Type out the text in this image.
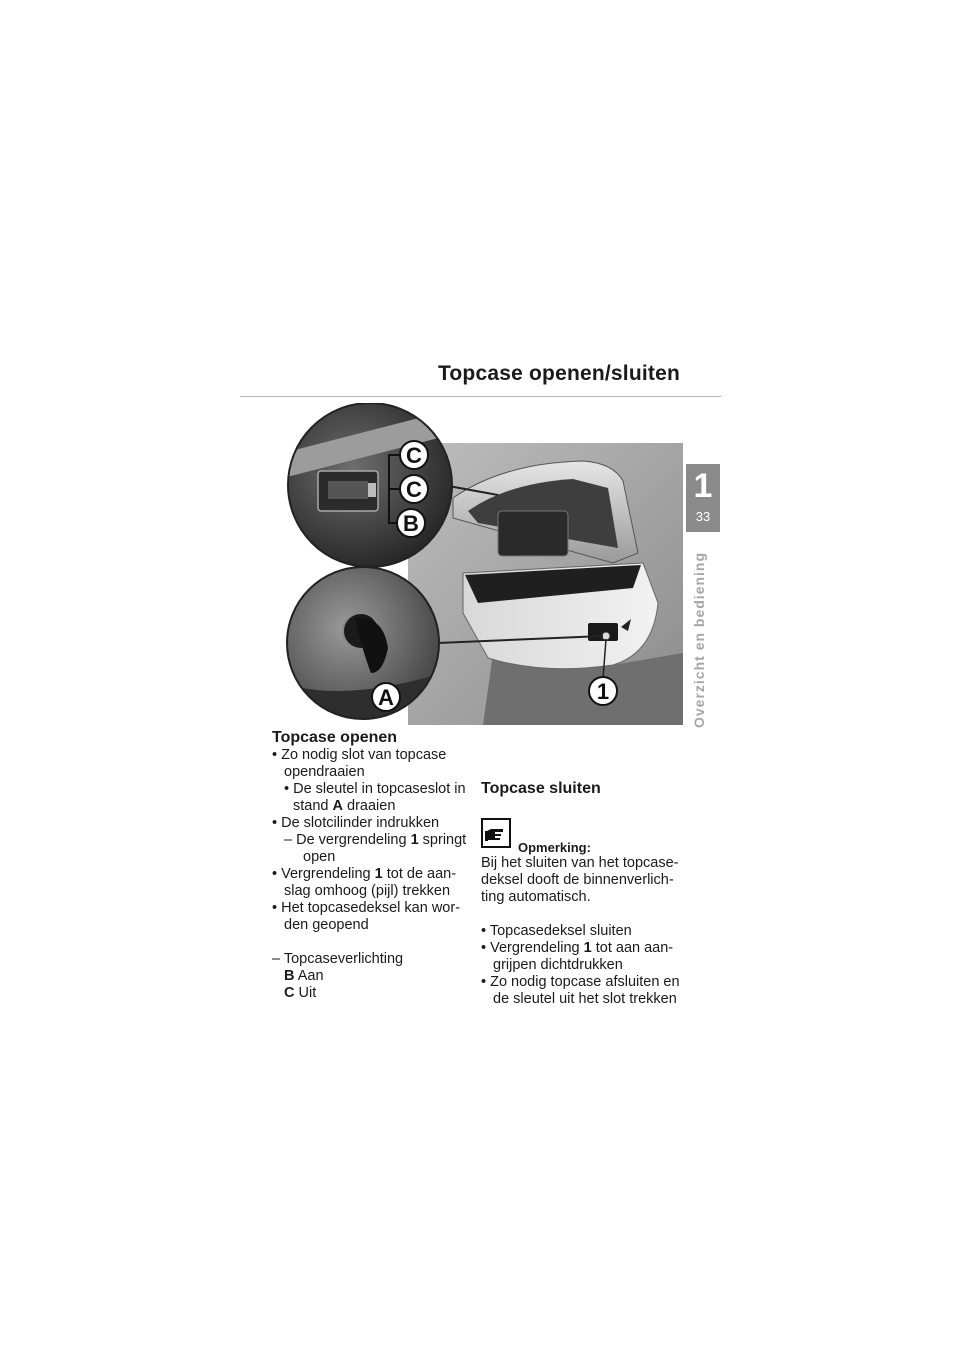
Topcase openen/sluiten
1
33
Overzicht en bediening
C
C
B
A	1

Topcase openen

• Zo nodig slot van topcase

opendraaien

• De sleutel in topcaseslot in

stand A draaien

• De slotcilinder indrukken

– De vergrendeling 1 springt

open

• Vergrendeling 1 tot de aan-

slag omhoog (pijl) trekken

• Het topcasedeksel kan wor-

den geopend

– Topcaseverlichting

B Aan

C Uit

Topcase sluiten

Opmerking:

Bij het sluiten van het topcase-

deksel dooft de binnenverlich-

ting automatisch.

• Topcasedeksel sluiten

• Vergrendeling 1 tot aan aan-

grijpen dichtdrukken

• Zo nodig topcase afsluiten en

de sleutel uit het slot trekken
